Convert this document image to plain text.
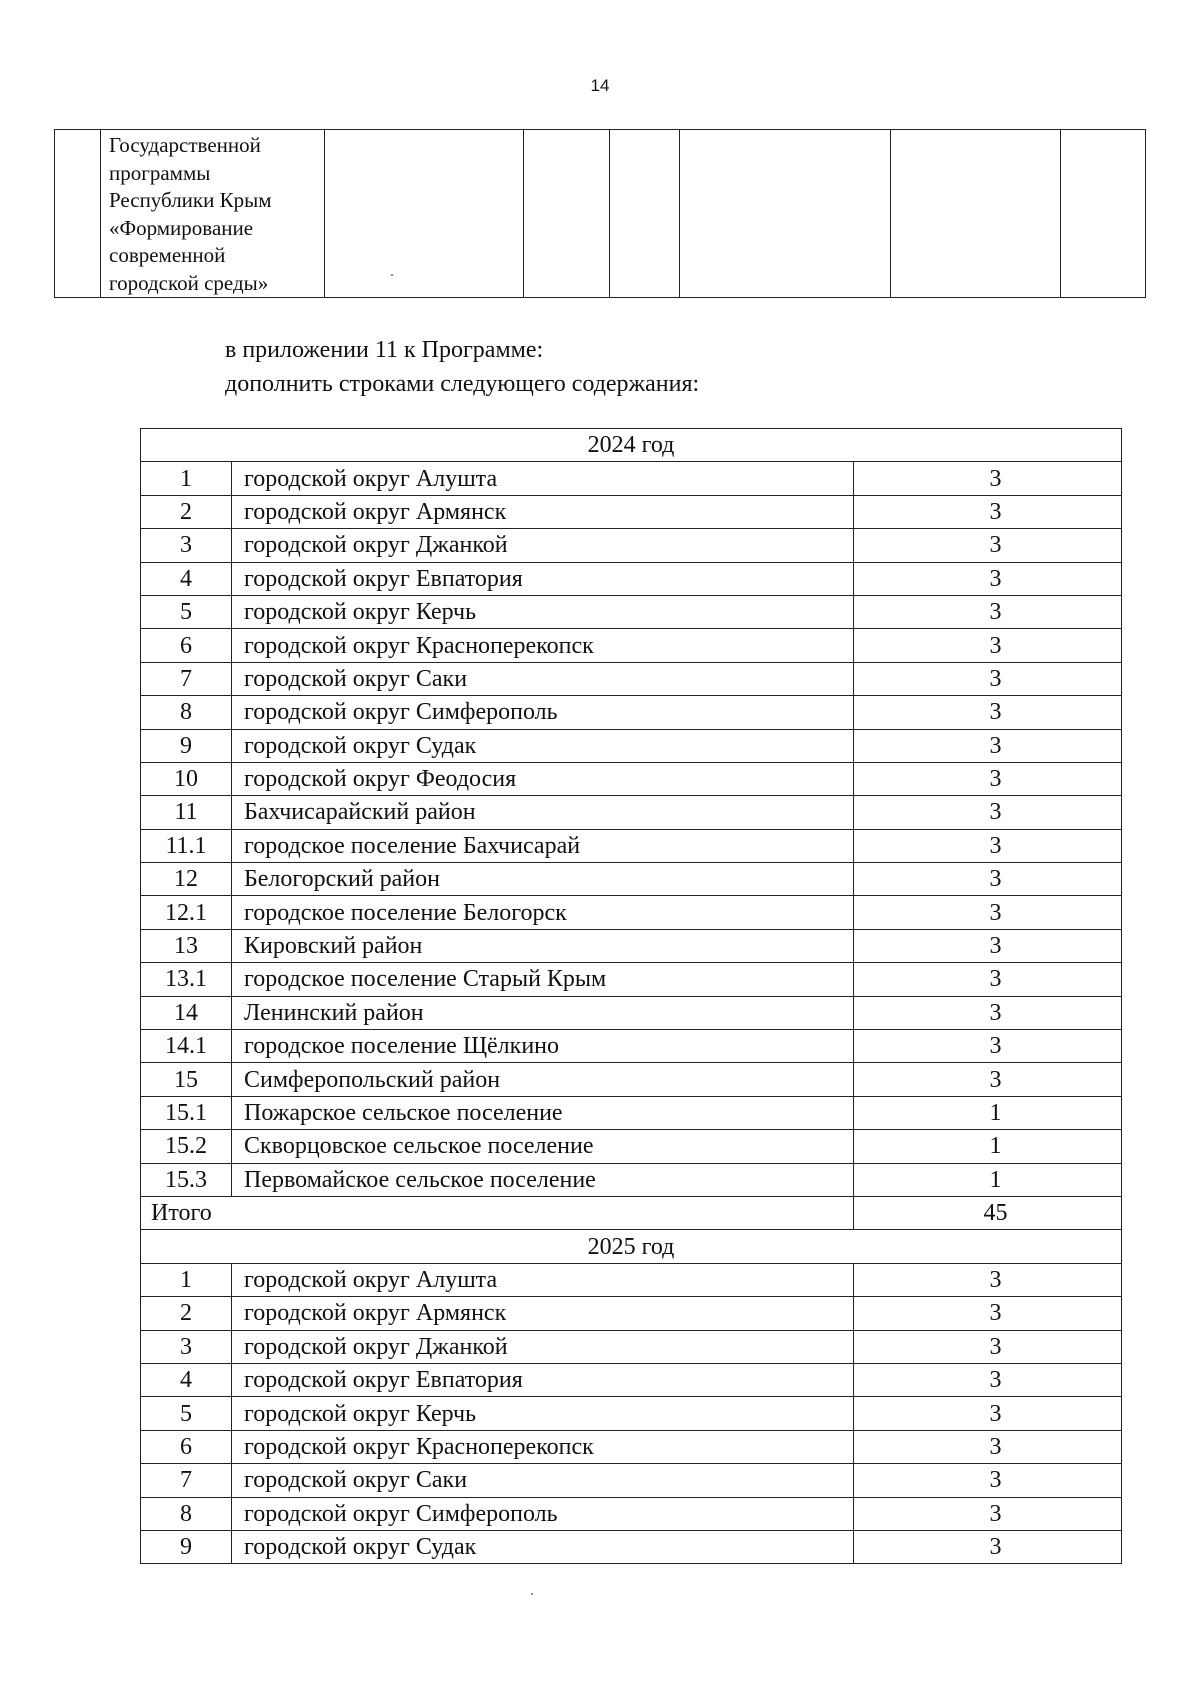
14

Государственной
программы
Республики Крым
«Формирование
современной
городской среды»

в приложении 11 к Программе:
дополнить строками следующего содержания:
2024 год		
1	городской округ Алушта	3
2	городской округ Армянск	3
3	городской округ Джанкой	3
4	городской округ Евпатория	3
5	городской округ Керчь	3
6	городской округ Красноперекопск	3
7	городской округ Саки	3
8	городской округ Симферополь	3
9	городской округ Судак	3
10	городской округ Феодосия	3
11	Бахчисарайский район	3
11.1	городское поселение Бахчисарай	3
12	Белогорский район	3
12.1	городское поселение Белогорск	3
13	Кировский район	3
13.1	городское поселение Старый Крым	3
14	Ленинский район	3
14.1	городское поселение Щёлкино	3
15	Симферопольский район	3
15.1	Пожарское сельское поселение	1
15.2	Скворцовское сельское поселение	1
15.3	Первомайское сельское поселение	1
Итого		45
2025 год		
1	городской округ Алушта	3
2	городской округ Армянск	3
3	городской округ Джанкой	3
4	городской округ Евпатория	3
5	городской округ Керчь	3
6	городской округ Красноперекопск	3
7	городской округ Саки	3
8	городской округ Симферополь	3
9	городской округ Судак	3
